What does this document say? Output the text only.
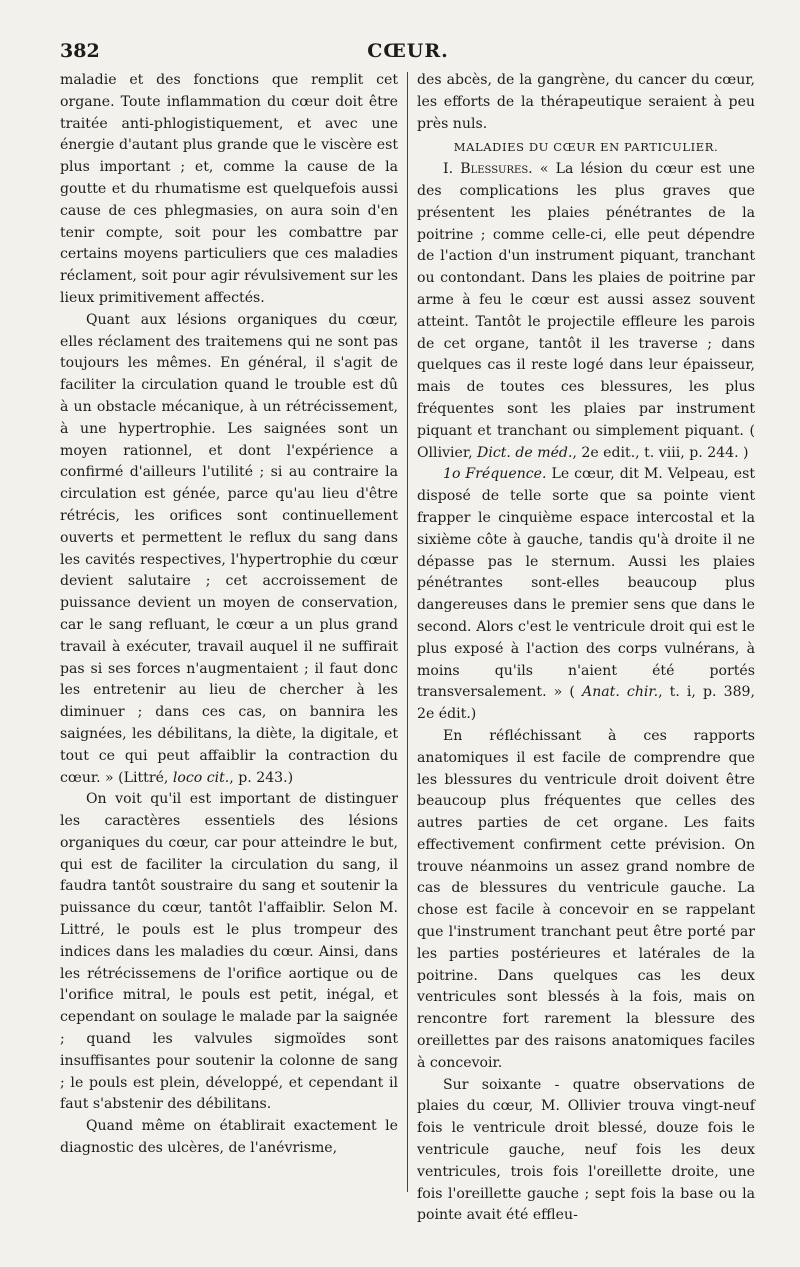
382	CŒUR.

maladie et des fonctions que remplit cet organe. Toute inflammation du cœur doit être traitée anti-phlogistiquement, et avec une énergie d'autant plus grande que le viscère est plus important ; et, comme la cause de la goutte et du rhumatisme est quelquefois aussi cause de ces phlegmasies, on aura soin d'en tenir compte, soit pour les combattre par certains moyens particuliers que ces maladies réclament, soit pour agir révulsivement sur les lieux primitivement affectés.

Quant aux lésions organiques du cœur, elles réclament des traitemens qui ne sont pas toujours les mêmes. En général, il s'agit de faciliter la circulation quand le trouble est dû à un obstacle mécanique, à un rétrécissement, à une hypertrophie. Les saignées sont un moyen rationnel, et dont l'expérience a confirmé d'ailleurs l'utilité ; si au contraire la circulation est génée, parce qu'au lieu d'être rétrécis, les orifices sont continuellement ouverts et permettent le reflux du sang dans les cavités respectives, l'hypertrophie du cœur devient salutaire ; cet accroissement de puissance devient un moyen de conservation, car le sang refluant, le cœur a un plus grand travail à exécuter, travail auquel il ne suffirait pas si ses forces n'augmentaient ; il faut donc les entretenir au lieu de chercher à les diminuer ; dans ces cas, on bannira les saignées, les débilitans, la diète, la digitale, et tout ce qui peut affaiblir la contraction du cœur. » (Littré, loco cit., p. 243.)

On voit qu'il est important de distinguer les caractères essentiels des lésions organiques du cœur, car pour atteindre le but, qui est de faciliter la circulation du sang, il faudra tantôt soustraire du sang et soutenir la puissance du cœur, tantôt l'affaiblir. Selon M. Littré, le pouls est le plus trompeur des indices dans les maladies du cœur. Ainsi, dans les rétrécissemens de l'orifice aortique ou de l'orifice mitral, le pouls est petit, inégal, et cependant on soulage le malade par la saignée ; quand les valvules sigmoïdes sont insuffisantes pour soutenir la colonne de sang ; le pouls est plein, développé, et cependant il faut s'abstenir des débilitans.

Quand même on établirait exactement le diagnostic des ulcères, de l'anévrisme,

des abcès, de la gangrène, du cancer du cœur, les efforts de la thérapeutique seraient à peu près nuls.

MALADIES DU CŒUR EN PARTICULIER.

I. Blessures. « La lésion du cœur est une des complications les plus graves que présentent les plaies pénétrantes de la poitrine ; comme celle-ci, elle peut dépendre de l'action d'un instrument piquant, tranchant ou contondant. Dans les plaies de poitrine par arme à feu le cœur est aussi assez souvent atteint. Tantôt le projectile effleure les parois de cet organe, tantôt il les traverse ; dans quelques cas il reste logé dans leur épaisseur, mais de toutes ces blessures, les plus fréquentes sont les plaies par instrument piquant et tranchant ou simplement piquant. ( Ollivier, Dict. de méd., 2e edit., t. viii, p. 244. )

1o Fréquence. Le cœur, dit M. Velpeau, est disposé de telle sorte que sa pointe vient frapper le cinquième espace intercostal et la sixième côte à gauche, tandis qu'à droite il ne dépasse pas le sternum. Aussi les plaies pénétrantes sont-elles beaucoup plus dangereuses dans le premier sens que dans le second. Alors c'est le ventricule droit qui est le plus exposé à l'action des corps vulnérans, à moins qu'ils n'aient été portés transversalement. » ( Anat. chir., t. i, p. 389, 2e édit.)

En réfléchissant à ces rapports anatomiques il est facile de comprendre que les blessures du ventricule droit doivent être beaucoup plus fréquentes que celles des autres parties de cet organe. Les faits effectivement confirment cette prévision. On trouve néanmoins un assez grand nombre de cas de blessures du ventricule gauche. La chose est facile à concevoir en se rappelant que l'instrument tranchant peut être porté par les parties postérieures et latérales de la poitrine. Dans quelques cas les deux ventricules sont blessés à la fois, mais on rencontre fort rarement la blessure des oreillettes par des raisons anatomiques faciles à concevoir.

Sur soixante - quatre observations de plaies du cœur, M. Ollivier trouva vingt-neuf fois le ventricule droit blessé, douze fois le ventricule gauche, neuf fois les deux ventricules, trois fois l'oreillette droite, une fois l'oreillette gauche ; sept fois la base ou la pointe avait été effleu-
